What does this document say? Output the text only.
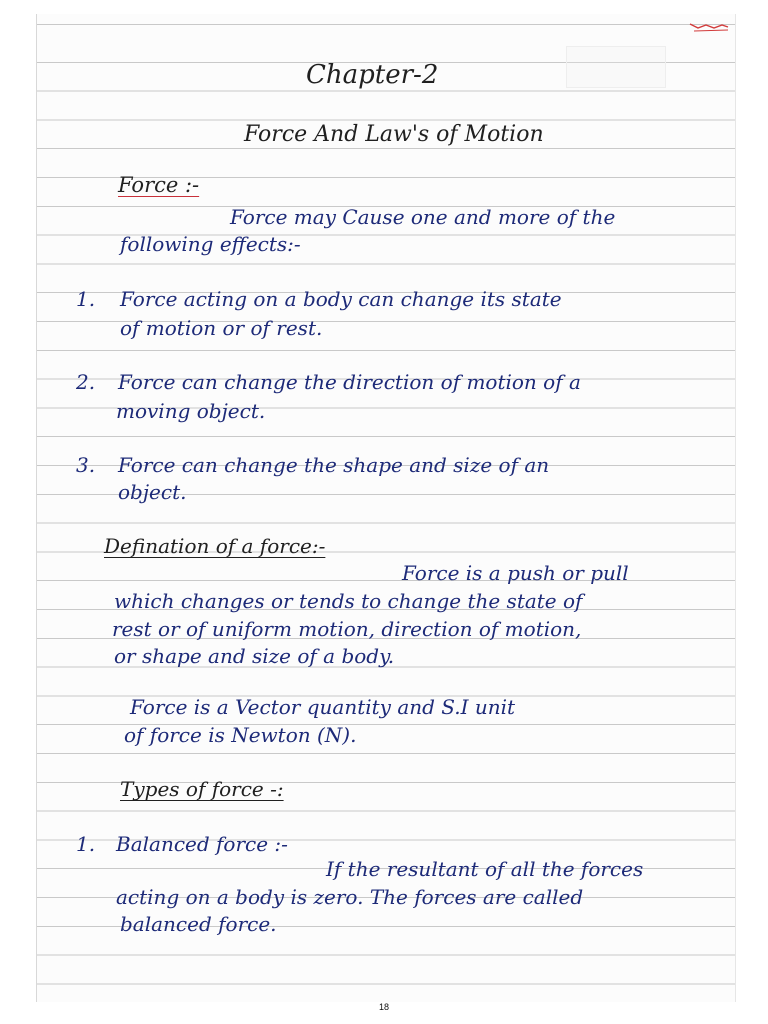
Chapter-2
Force And Law's of Motion
Force :-
Force may Cause one and more of the
following effects:-
1. Force acting on a body can change its state
of motion or of rest.
2. Force can change the direction of motion of a
moving object.
3. Force can change the shape and size of an
object.
Defination of a force:-
Force is a push or pull
which changes or tends to change the state of
rest or of uniform motion, direction of motion,
or shape and size of a body.
Force is a Vector quantity and S.I unit
of force is Newton (N).
Types of force -:
1. Balanced force :-
If the resultant of all the forces
acting on a body is zero. The forces are called
balanced force.
18
